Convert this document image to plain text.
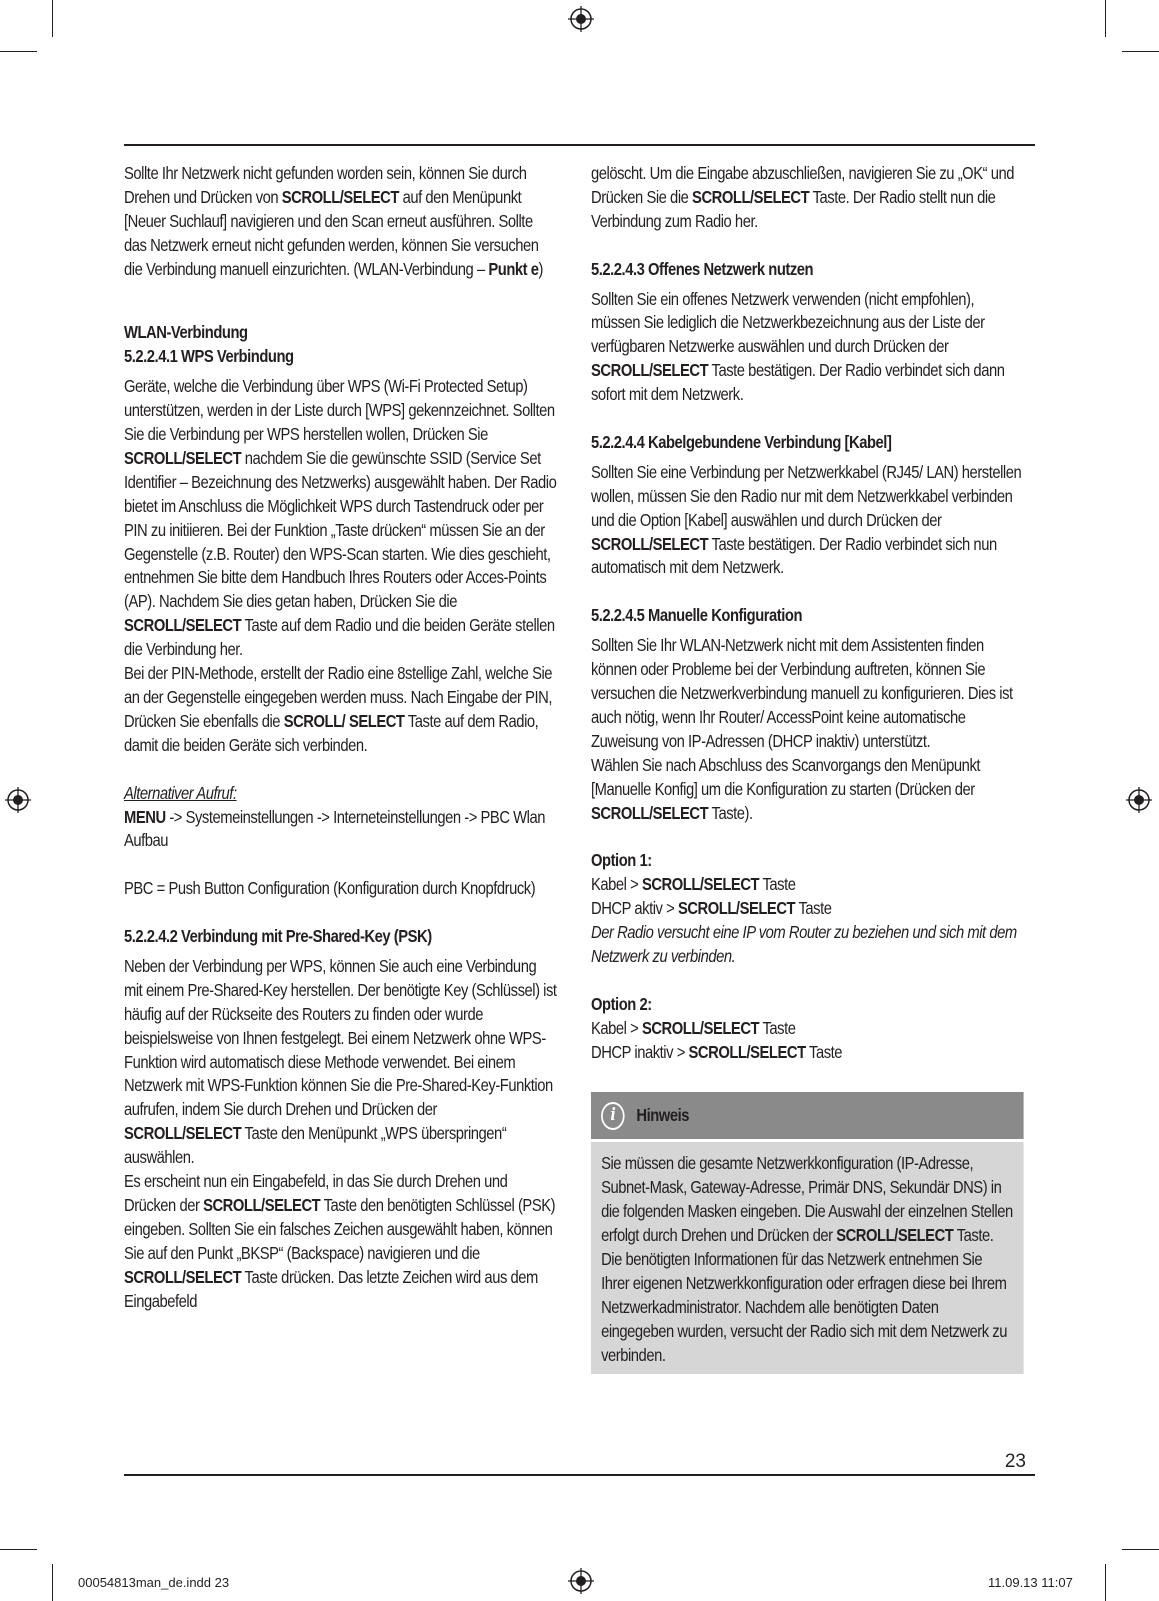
Sollte Ihr Netzwerk nicht gefunden worden sein, können Sie durch Drehen und Drücken von SCROLL/SELECT auf den Menüpunkt [Neuer Suchlauf] navigieren und den Scan erneut ausführen. Sollte das Netzwerk erneut nicht gefunden werden, können Sie versuchen die Verbindung manuell einzurichten. (WLAN-Verbindung – Punkt e)

WLAN-Verbindung
5.2.2.4.1 WPS Verbindung

Geräte, welche die Verbindung über WPS (Wi-Fi Protected Setup) unterstützen, werden in der Liste durch [WPS] gekennzeichnet. Sollten Sie die Verbindung per WPS herstellen wollen, Drücken Sie SCROLL/SELECT nachdem Sie die gewünschte SSID (Service Set Identifier – Bezeichnung des Netzwerks) ausgewählt haben. Der Radio bietet im Anschluss die Möglichkeit WPS durch Tastendruck oder per PIN zu initiieren. Bei der Funktion „Taste drücken“ müssen Sie an der Gegenstelle (z.B. Router) den WPS-Scan starten. Wie dies geschieht, entnehmen Sie bitte dem Handbuch Ihres Routers oder Acces-Points (AP). Nachdem Sie dies getan haben, Drücken Sie die SCROLL/SELECT Taste auf dem Radio und die beiden Geräte stellen die Verbindung her.

Bei der PIN-Methode, erstellt der Radio eine 8stellige Zahl, welche Sie an der Gegenstelle eingegeben werden muss. Nach Eingabe der PIN, Drücken Sie ebenfalls die SCROLL/ SELECT Taste auf dem Radio, damit die beiden Geräte sich verbinden.

Alternativer Aufruf:

MENU -> Systemeinstellungen -> Interneteinstellungen -> PBC Wlan Aufbau

PBC = Push Button Configuration (Konfiguration durch Knopfdruck)

5.2.2.4.2 Verbindung mit Pre-Shared-Key (PSK)

Neben der Verbindung per WPS, können Sie auch eine Verbindung mit einem Pre-Shared-Key herstellen. Der benötigte Key (Schlüssel) ist häufig auf der Rückseite des Routers zu finden oder wurde beispielsweise von Ihnen festgelegt. Bei einem Netzwerk ohne WPS-Funktion wird automatisch diese Methode verwendet. Bei einem Netzwerk mit WPS-Funktion können Sie die Pre-Shared-Key-Funktion aufrufen, indem Sie durch Drehen und Drücken der SCROLL/SELECT Taste den Menüpunkt „WPS überspringen“ auswählen.

Es erscheint nun ein Eingabefeld, in das Sie durch Drehen und Drücken der SCROLL/SELECT Taste den benötigten Schlüssel (PSK) eingeben. Sollten Sie ein falsches Zeichen ausgewählt haben, können Sie auf den Punkt „BKSP“ (Backspace) navigieren und die SCROLL/SELECT Taste drücken. Das letzte Zeichen wird aus dem Eingabefeld

gelöscht. Um die Eingabe abzuschließen, navigieren Sie zu „OK“ und Drücken Sie die SCROLL/SELECT Taste. Der Radio stellt nun die Verbindung zum Radio her.

5.2.2.4.3 Offenes Netzwerk nutzen

Sollten Sie ein offenes Netzwerk verwenden (nicht empfohlen), müssen Sie lediglich die Netzwerkbezeichnung aus der Liste der verfügbaren Netzwerke auswählen und durch Drücken der SCROLL/SELECT Taste bestätigen. Der Radio verbindet sich dann sofort mit dem Netzwerk.

5.2.2.4.4 Kabelgebundene Verbindung [Kabel]

Sollten Sie eine Verbindung per Netzwerkkabel (RJ45/ LAN) herstellen wollen, müssen Sie den Radio nur mit dem Netzwerkkabel verbinden und die Option [Kabel] auswählen und durch Drücken der SCROLL/SELECT Taste bestätigen. Der Radio verbindet sich nun automatisch mit dem Netzwerk.

5.2.2.4.5 Manuelle Konfiguration

Sollten Sie Ihr WLAN-Netzwerk nicht mit dem Assistenten finden können oder Probleme bei der Verbindung auftreten, können Sie versuchen die Netzwerkverbindung manuell zu konfigurieren. Dies ist auch nötig, wenn Ihr Router/ AccessPoint keine automatische Zuweisung von IP-Adressen (DHCP inaktiv) unterstützt.

Wählen Sie nach Abschluss des Scanvorgangs den Menüpunkt [Manuelle Konfig] um die Konfiguration zu starten (Drücken der SCROLL/SELECT Taste).

Option 1:
Kabel > SCROLL/SELECT Taste
DHCP aktiv > SCROLL/SELECT Taste

Der Radio versucht eine IP vom Router zu beziehen und sich mit dem Netzwerk zu verbinden.

Option 2:
Kabel > SCROLL/SELECT Taste
DHCP inaktiv > SCROLL/SELECT Taste
i	Hinweis
Sie müssen die gesamte Netzwerkkonfiguration (IP-Adresse, Subnet-Mask, Gateway-Adresse, Primär DNS, Sekundär DNS) in die folgenden Masken eingeben. Die Auswahl der einzelnen Stellen erfolgt durch Drehen und Drücken der SCROLL/SELECT Taste. Die benötigten Informationen für das Netzwerk entnehmen Sie Ihrer eigenen Netzwerkkonfiguration oder erfragen diese bei Ihrem Netzwerkadministrator. Nachdem alle benötigten Daten eingegeben wurden, versucht der Radio sich mit dem Netzwerk zu verbinden.
23
00054813man_de.indd 23	11.09.13 11:07
